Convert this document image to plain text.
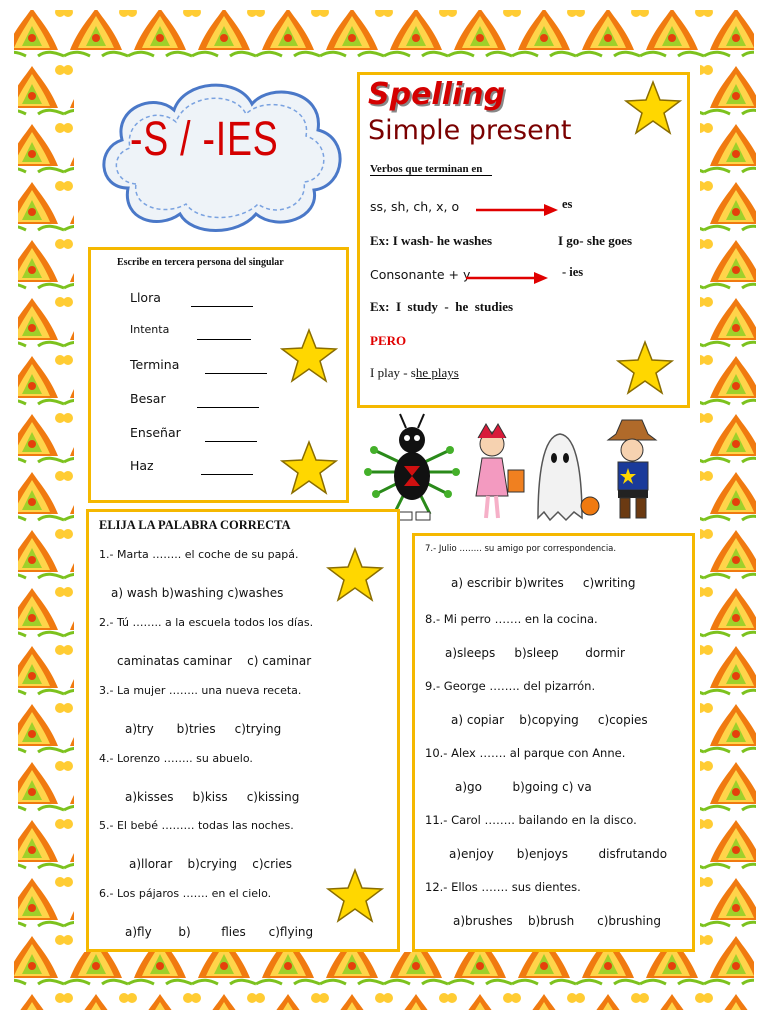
-S / -IES
Spelling
Simple present
Verbos que terminan en
ss, sh, ch, x, o	es
Ex: I wash- he washes	I go- she goes
Consonante + y	- ies
Ex:  I  study  -  he  studies
PERO
I play - she plays
Escribe en tercera persona del singular
Llora
Intenta
Termina
Besar
Enseñar
Haz
ELIJA LA PALABRA CORRECTA
1.- Marta …….. el coche de su papá.
a) wash b)washing c)washes
2.- Tú …….. a la escuela todos los días.
caminatas caminar    c) caminar
3.- La mujer …….. una nueva receta.
a)try      b)tries     c)trying
4.- Lorenzo …….. su abuelo.
a)kisses     b)kiss     c)kissing
5.- El bebé ……… todas las noches.
a)llorar    b)crying    c)cries
6.- Los pájaros ……. en el cielo.
a)fly       b)        flies      c)flying
7.- Julio …….. su amigo por correspondencia.
a) escribir b)writes     c)writing
8.- Mi perro ……. en la cocina.
a)sleeps     b)sleep       dormir
9.- George …….. del pizarrón.
a) copiar    b)copying     c)copies
10.- Alex ……. al parque con Anne.
a)go        b)going c) va
11.- Carol …….. bailando en la disco.
a)enjoy      b)enjoys        disfrutando
12.- Ellos ……. sus dientes.
a)brushes    b)brush      c)brushing
